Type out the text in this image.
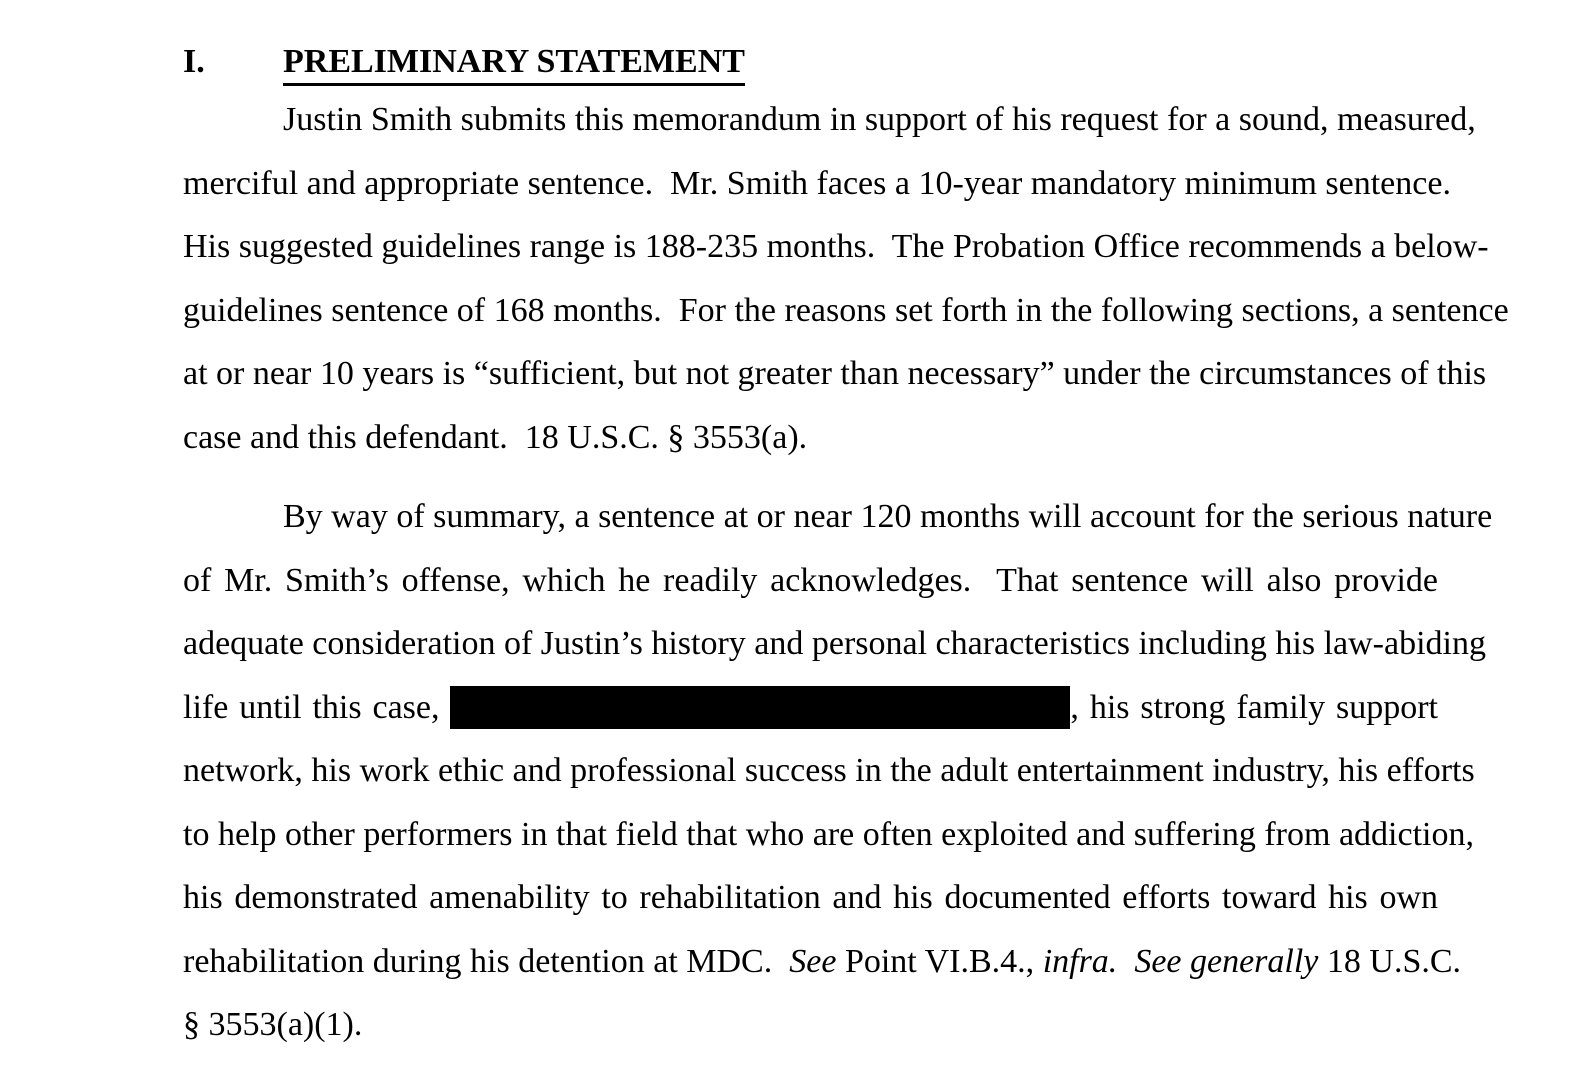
I. PRELIMINARY STATEMENT
Justin Smith submits this memorandum in support of his request for a sound, measured,
merciful and appropriate sentence.  Mr. Smith faces a 10-year mandatory minimum sentence.
His suggested guidelines range is 188-235 months.  The Probation Office recommends a below-
guidelines sentence of 168 months.  For the reasons set forth in the following sections, a sentence
at or near 10 years is “sufficient, but not greater than necessary” under the circumstances of this
case and this defendant.  18 U.S.C. § 3553(a).
By way of summary, a sentence at or near 120 months will account for the serious nature
of Mr. Smith’s offense, which he readily acknowledges.  That sentence will also provide
adequate consideration of Justin’s history and personal characteristics including his law-abiding
life until this case,	, his strong family support
network, his work ethic and professional success in the adult entertainment industry, his efforts
to help other performers in that field that who are often exploited and suffering from addiction,
his demonstrated amenability to rehabilitation and his documented efforts toward his own
rehabilitation during his detention at MDC.  See Point VI.B.4., infra. See generally 18 U.S.C.
§ 3553(a)(1).
